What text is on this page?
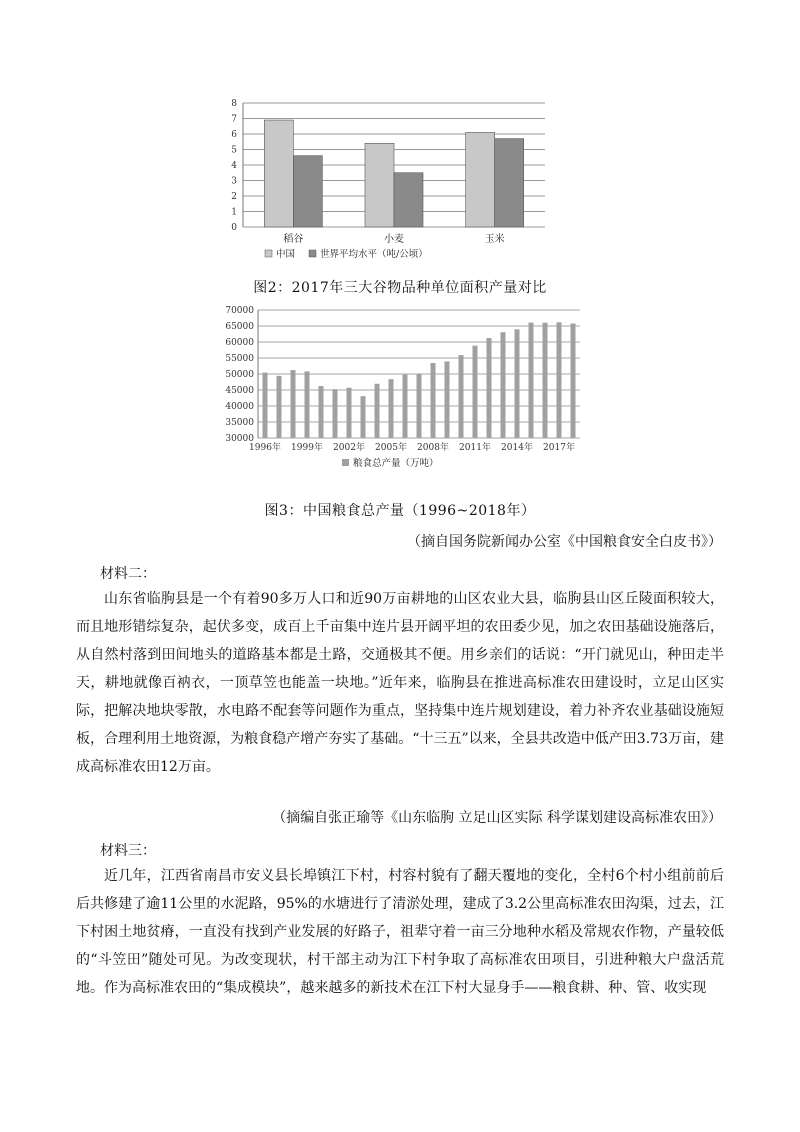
0
1
2
3
4
5
6
7
8
稻谷	小麦	玉米
中国	世界平均水平（吨/公顷）
图2：2017年三大谷物品种单位面积产量对比
30000
35000
40000
45000
50000
55000
60000
65000
70000
1996年 1999年 2002年 2005年 2008年 2011年 2014年 2017年
粮食总产量（万吨）
图3：中国粮食总产量（1996~2018年）
（摘自国务院新闻办公室《中国粮食安全白皮书》）
材料二：

山东省临朐县是一个有着90多万人口和近90万亩耕地的山区农业大县，临朐县山区丘陵面积较大，而且地形错综复杂，起伏多变，成百上千亩集中连片县开阔平坦的农田委少见，加之农田基础设施落后，从自然村落到田间地头的道路基本都是土路，交通极其不便。用乡亲们的话说：“开门就见山，种田走半天，耕地就像百衲衣，一顶草笠也能盖一块地。”近年来，临朐县在推进高标准农田建设时，立足山区实际，把解决地块零散，水电路不配套等问题作为重点，坚持集中连片规划建设，着力补齐农业基础设施短板，合理利用土地资源，为粮食稳产增产夯实了基础。“十三五”以来，全县共改造中低产田3.73万亩，建成高标准农田12万亩。

（摘编自张正瑜等《山东临朐 立足山区实际 科学谋划建设高标准农田》）
材料三：

近几年，江西省南昌市安义县长埠镇江下村，村容村貌有了翻天覆地的变化，全村6个村小组前前后后共修建了逾11公里的水泥路，95%的水塘进行了清淤处理，建成了3.2公里高标准农田沟渠，过去，江下村困土地贫瘠，一直没有找到产业发展的好路子，祖辈守着一亩三分地种水稻及常规农作物，产量较低的“斗笠田”随处可见。为改变现状，村干部主动为江下村争取了高标准农田项目，引进种粮大户盘活荒地。作为高标准农田的“集成模块”，越来越多的新技术在江下村大显身手——粮食耕、种、管、收实现
